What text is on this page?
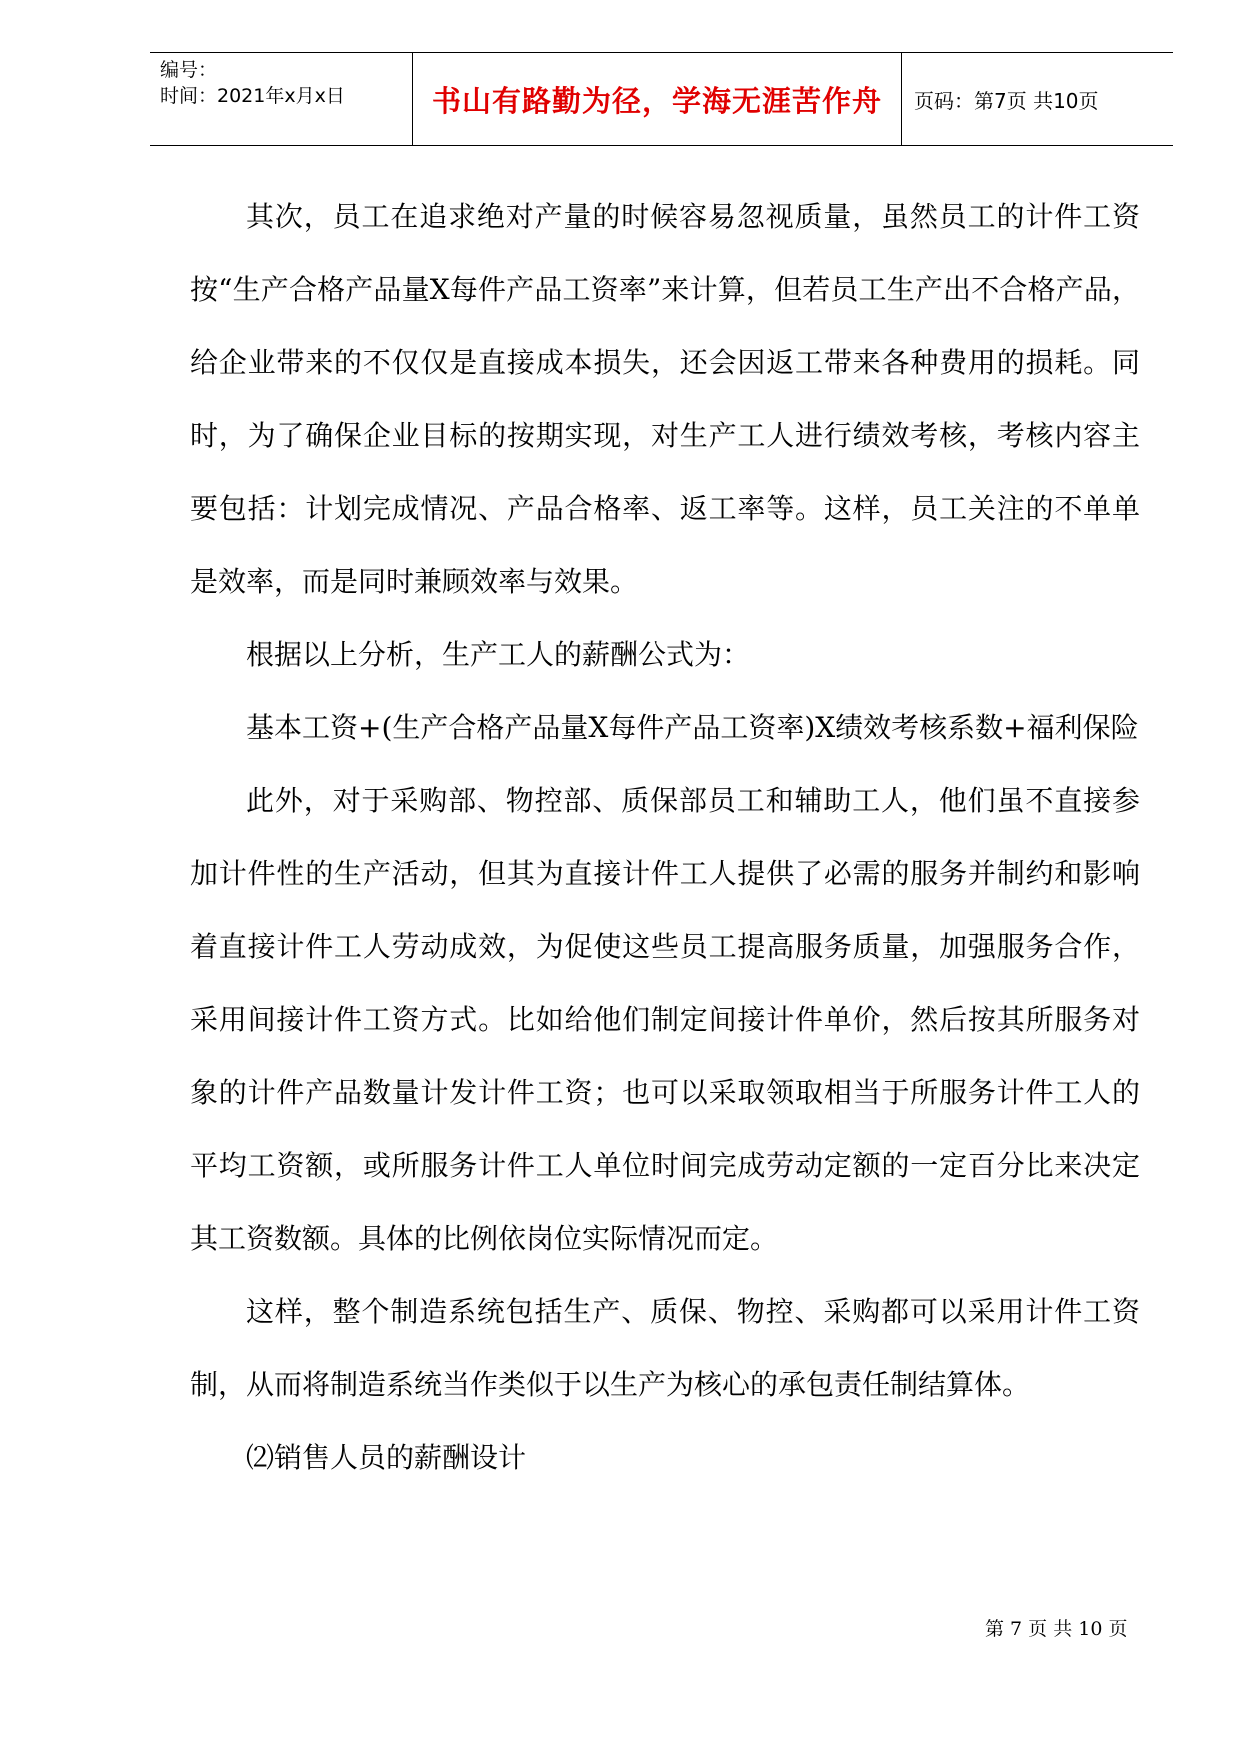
编号：
时间：2021年x月x日	书山有路勤为径，学海无涯苦作舟	页码：第7页 共10页

其次，员工在追求绝对产量的时候容易忽视质量，虽然员工的计件工资按“生产合格产品量X每件产品工资率”来计算，但若员工生产出不合格产品，给企业带来的不仅仅是直接成本损失，还会因返工带来各种费用的损耗。同时，为了确保企业目标的按期实现，对生产工人进行绩效考核，考核内容主要包括：计划完成情况、产品合格率、返工率等。这样，员工关注的不单单是效率，而是同时兼顾效率与效果。

根据以上分析，生产工人的薪酬公式为：

基本工资+(生产合格产品量X每件产品工资率)X绩效考核系数+福利保险

此外，对于采购部、物控部、质保部员工和辅助工人，他们虽不直接参加计件性的生产活动，但其为直接计件工人提供了必需的服务并制约和影响着直接计件工人劳动成效，为促使这些员工提高服务质量，加强服务合作，采用间接计件工资方式。比如给他们制定间接计件单价，然后按其所服务对象的计件产品数量计发计件工资；也可以采取领取相当于所服务计件工人的平均工资额，或所服务计件工人单位时间完成劳动定额的一定百分比来决定其工资数额。具体的比例依岗位实际情况而定。

这样，整个制造系统包括生产、质保、物控、采购都可以采用计件工资制，从而将制造系统当作类似于以生产为核心的承包责任制结算体。

⑵销售人员的薪酬设计

第 7 页 共 10 页
